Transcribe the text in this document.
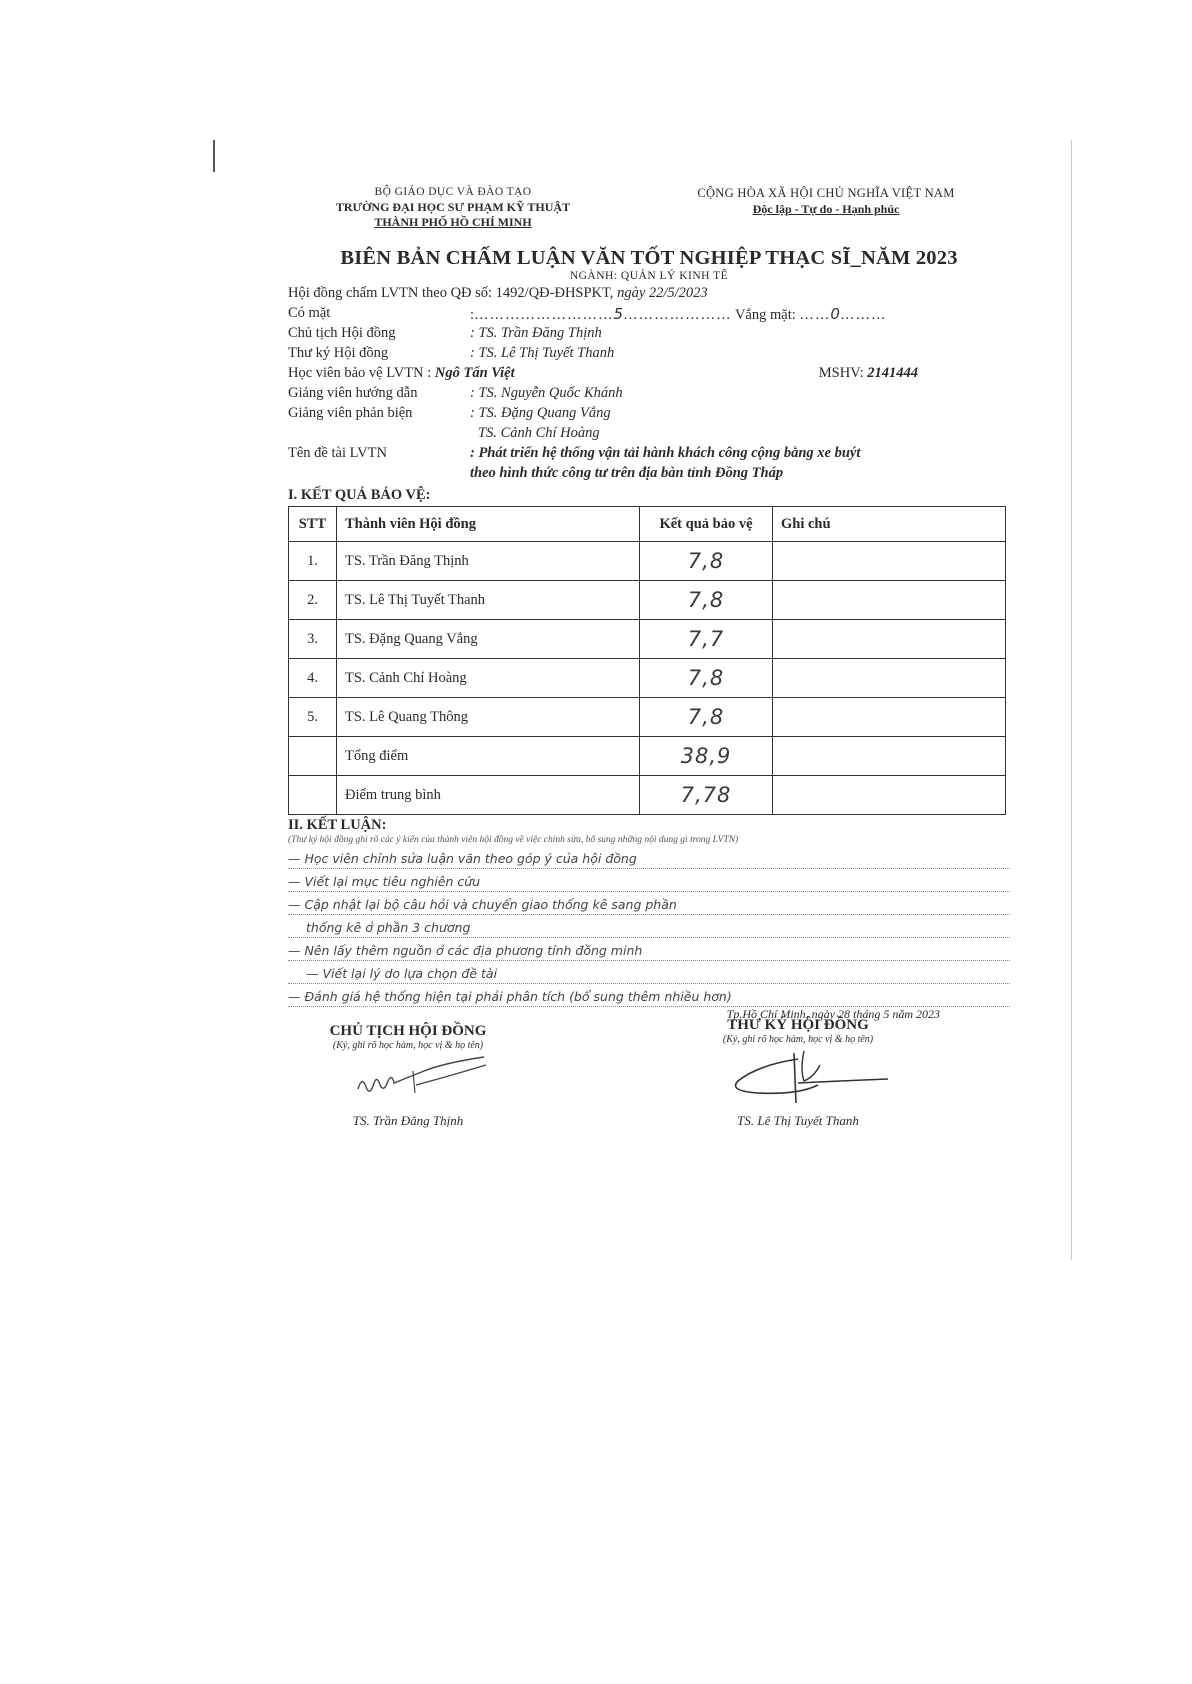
BỘ GIÁO DỤC VÀ ĐÀO TẠO
TRƯỜNG ĐẠI HỌC SƯ PHẠM KỸ THUẬT
THÀNH PHỐ HỒ CHÍ MINH
CỘNG HÒA XÃ HỘI CHỦ NGHĨA VIỆT NAM
Độc lập - Tự do - Hạnh phúc
BIÊN BẢN CHẤM LUẬN VĂN TỐT NGHIỆP THẠC SĨ_NĂM 2023
NGÀNH: QUẢN LÝ KINH TẾ
Hội đồng chấm LVTN theo QĐ số: 1492/QĐ-ĐHSPKT, ngày 22/5/2023
Có mặt	:………………………5………………… Vắng mặt: ……0………
Chủ tịch Hội đồng	: TS. Trần Đăng Thịnh
Thư ký Hội đồng	: TS. Lê Thị Tuyết Thanh
Học viên bảo vệ LVTN : Ngô Tấn Việt	MSHV: 2141444
Giảng viên hướng dẫn	: TS. Nguyễn Quốc Khánh
Giảng viên phản biện	: TS. Đặng Quang Vắng
TS. Cảnh Chí Hoàng
Tên đề tài LVTN	: Phát triển hệ thống vận tải hành khách công cộng bằng xe buýt
theo hình thức công tư trên địa bàn tỉnh Đồng Tháp
I. KẾT QUẢ BẢO VỆ:
STT	Thành viên Hội đồng	Kết quả bảo vệ	Ghi chú
1.	TS. Trần Đăng Thịnh	7,8	
2.	TS. Lê Thị Tuyết Thanh	7,8	
3.	TS. Đặng Quang Vắng	7,7	
4.	TS. Cảnh Chí Hoàng	7,8	
5.	TS. Lê Quang Thông	7,8	
	Tổng điểm	38,9	
	Điểm trung bình	7,78	
II. KẾT LUẬN:
(Thư ký hội đồng ghi rõ các ý kiến của thành viên hội đồng về việc chỉnh sửa, bổ sung những nội dung gì trong LVTN)
— Học viên chỉnh sửa luận văn theo góp ý của hội đồng
— Viết lại mục tiêu nghiên cứu
— Cập nhật lại bộ câu hỏi và chuyển giao thống kê sang phần
thống kê ở phần 3 chương
— Nên lấy thêm nguồn ở các địa phương tỉnh đồng minh
— Viết lại lý do lựa chọn đề tài
— Đánh giá hệ thống hiện tại phải phân tích (bổ sung thêm nhiều hơn)
Tp.Hồ Chí Minh, ngày 28 tháng 5 năm 2023
CHỦ TỊCH HỘI ĐỒNG
(Ký, ghi rõ học hàm, học vị & họ tên)
TS. Trần Đăng Thịnh
THƯ KÝ HỘI ĐỒNG
(Ký, ghi rõ học hàm, học vị & họ tên)
TS. Lê Thị Tuyết Thanh
